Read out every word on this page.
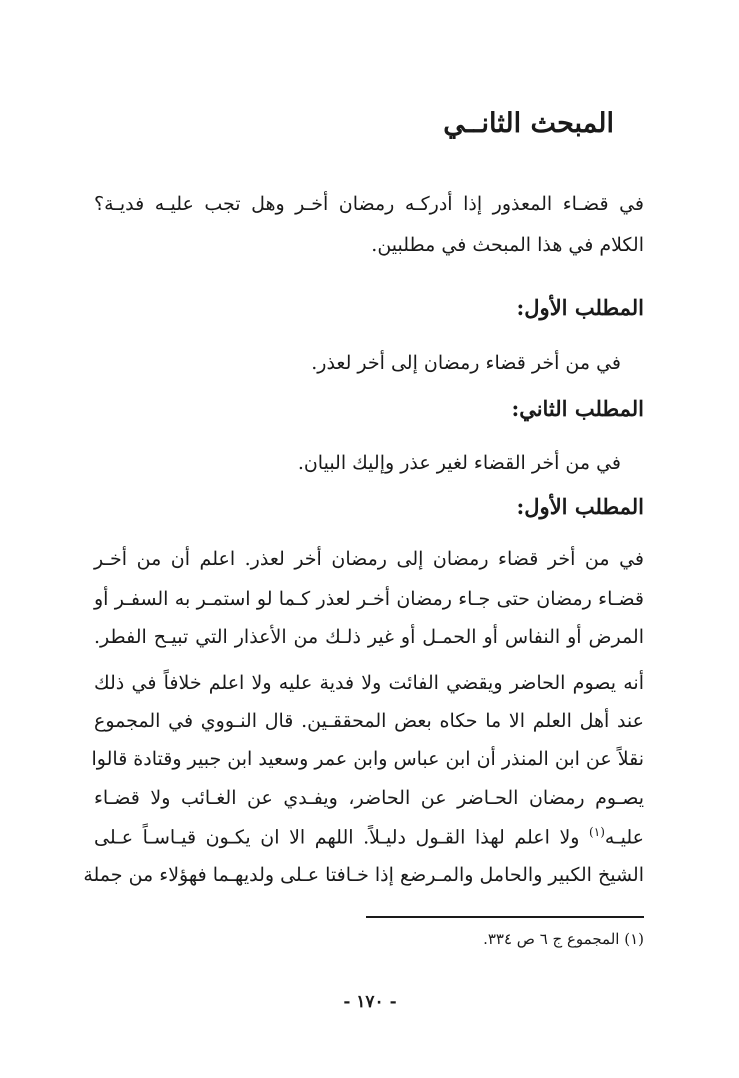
المبحث الثانــي
في قضـاء المعذور إذا أدركـه رمضان أخـر وهل تجب عليـه فديـة؟
الكلام في هذا المبحث في مطلبين.
المطلب الأول:
في من أخر قضاء رمضان إلى أخر لعذر.
المطلب الثاني:
في من أخر القضاء لغير عذر وإليك البيان.
المطلب الأول:
في من أخر قضاء رمضان إلى رمضان أخر لعذر. اعلم أن من أخـر
قضـاء رمضان حتى جـاء رمضان أخـر لعذر كـما لو استمـر به السفـر أو
المرض أو النفاس أو الحمـل أو غير ذلـك من الأعذار التي تبيـح الفطر.
أنه يصوم الحاضر ويقضي الفائت ولا فدية عليه ولا اعلم خلافاً في ذلك
عند أهل العلم الا ما حكاه بعض المحققـين. قال النـووي في المجموع
نقلاً عن ابن المنذر أن ابن عباس وابن عمر وسعيد ابن جبير وقتادة قالوا
يصـوم رمضان الحـاضر عن الحاضر، ويفـدي عن الغـائب ولا قضـاء
عليـه$^{(١)}$ ولا اعلم لهذا القـول دليـلاً. اللهم الا ان يكـون قيـاسـاً عـلى
الشيخ الكبير والحامل والمـرضع إذا خـافتا عـلى ولديهـما فهؤلاء من جملة
(١) المجموع ج ٦ ص ٣٣٤.
- ١٧٠ -
